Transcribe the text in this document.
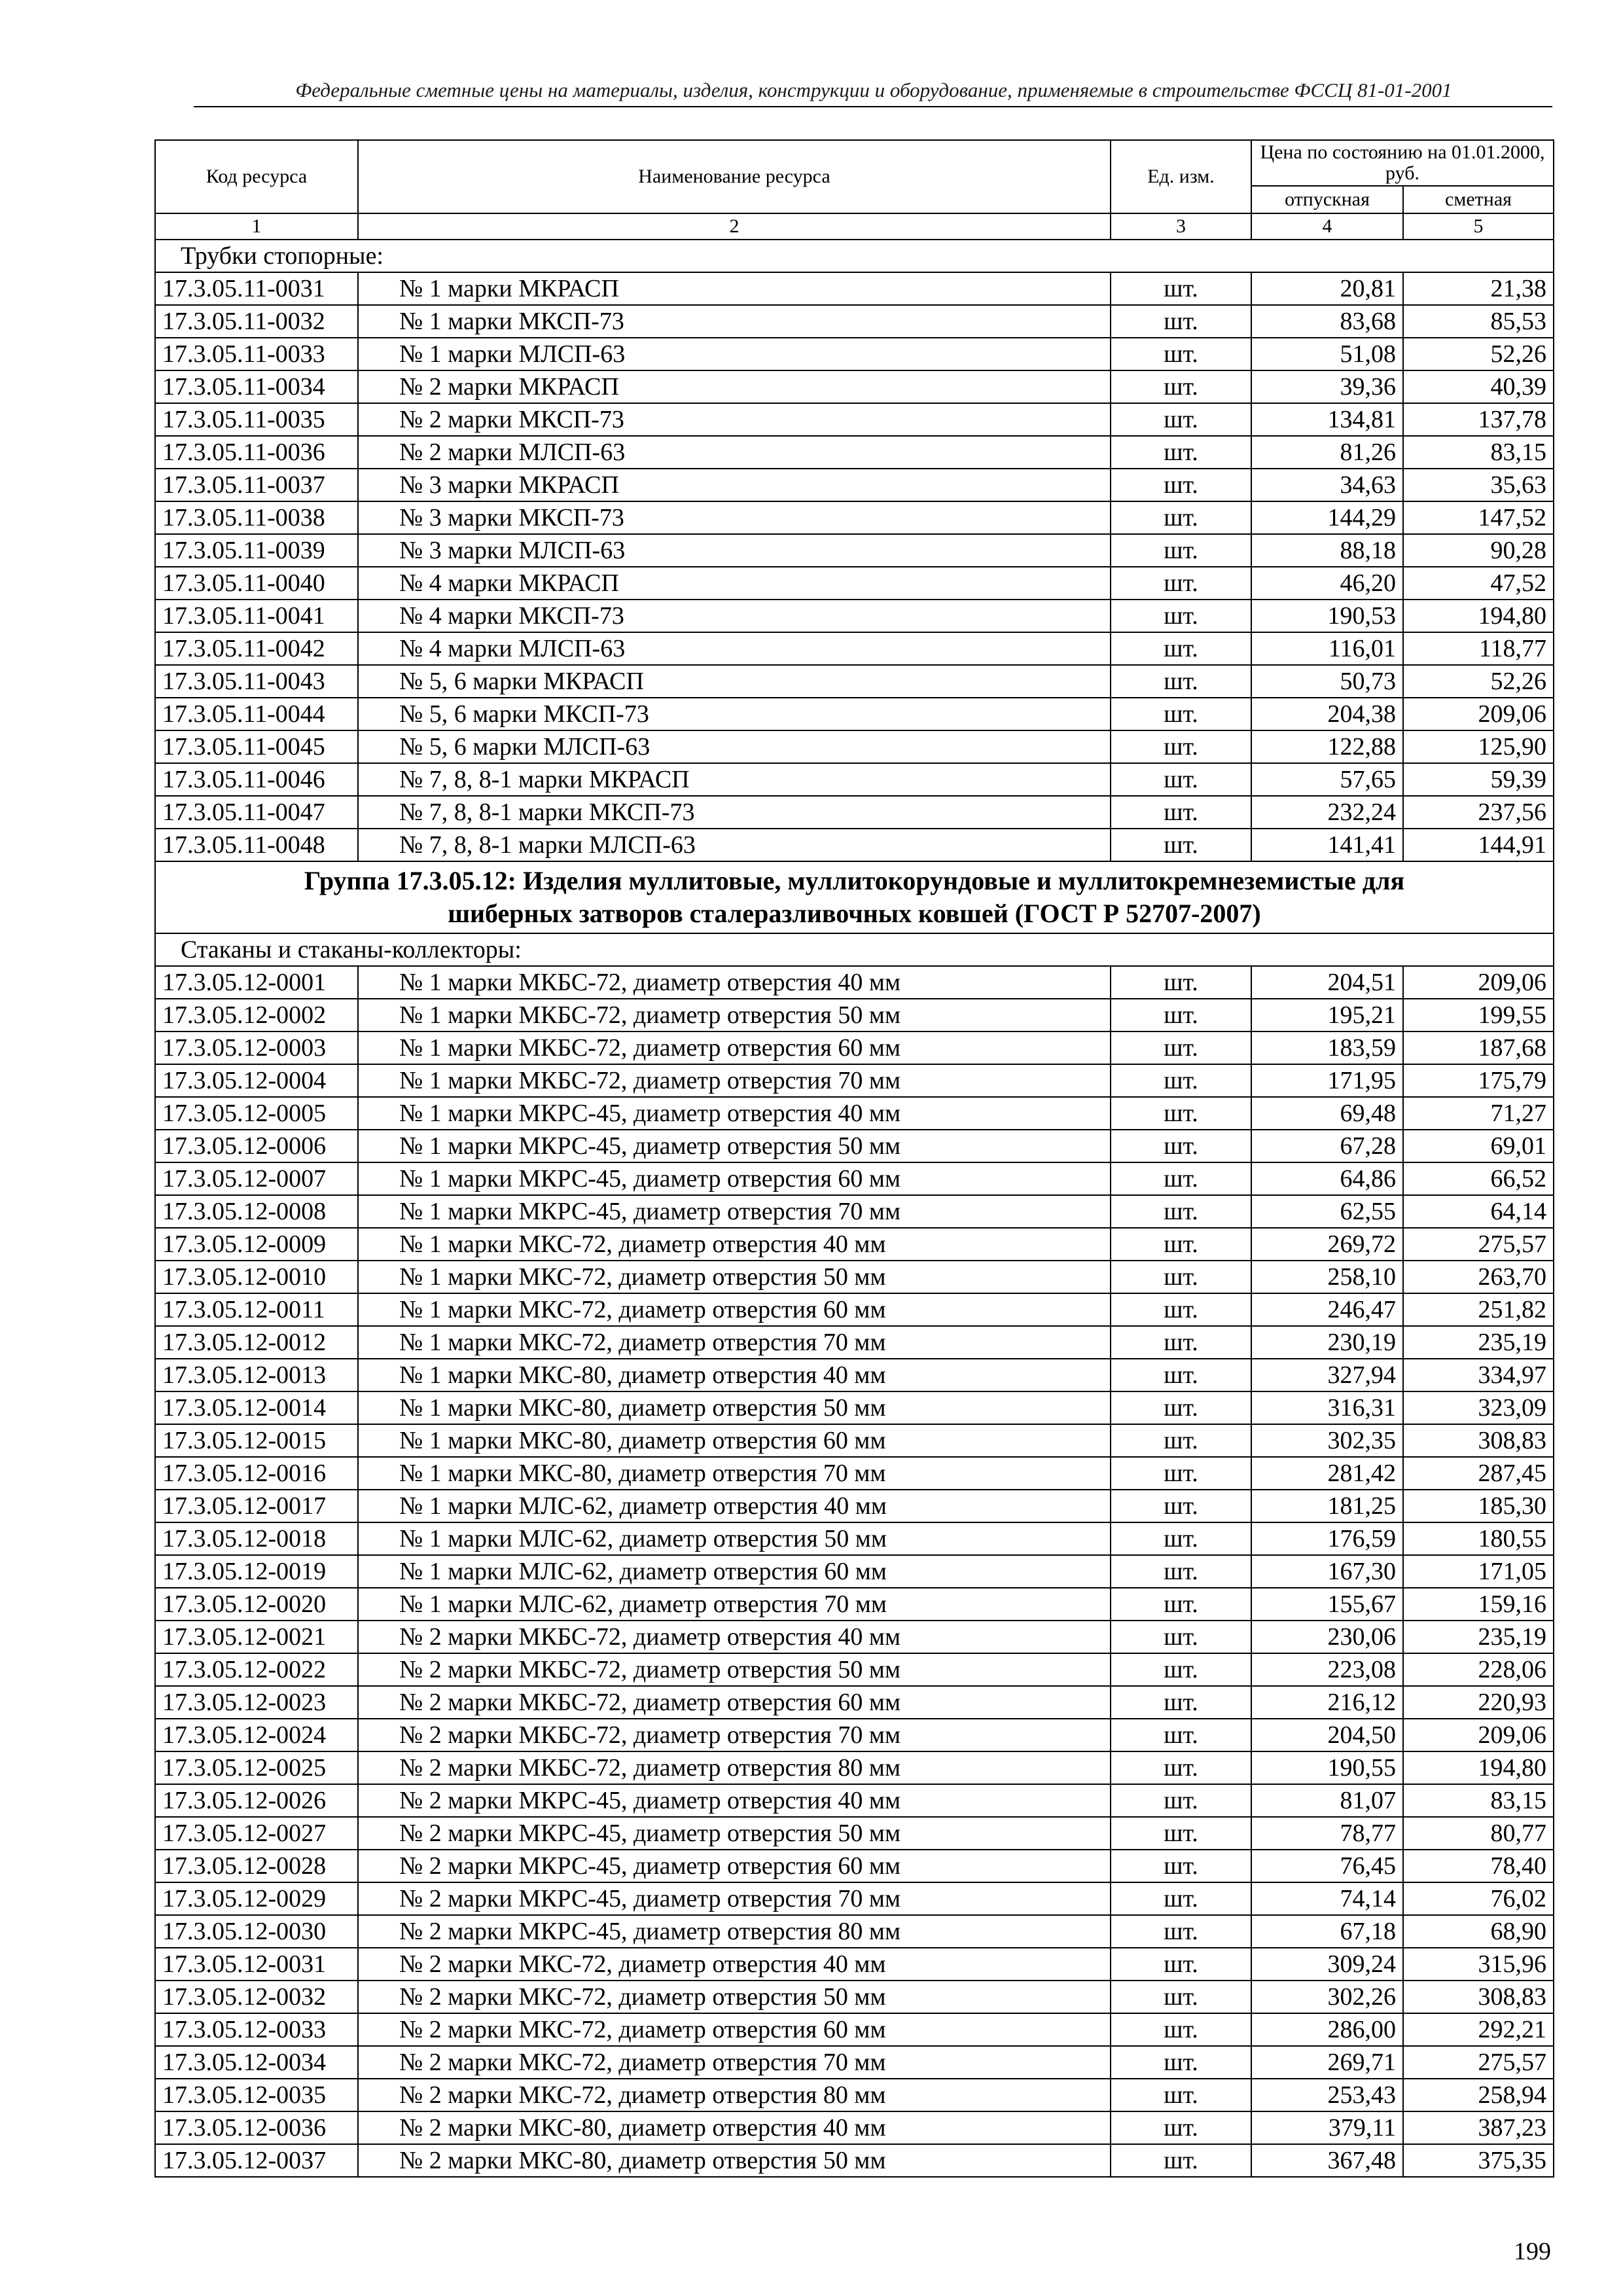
Федеральные сметные цены на материалы, изделия, конструкции и оборудование, применяемые в строительстве ФССЦ 81-01-2001
Код ресурса	Наименование ресурса	Ед. изм.	Цена по состоянию на 01.01.2000, руб.	
			отпускная	сметная
1	2	3	4	5
Трубки стопорные:				
17.3.05.11-0031	№ 1 марки МКРАСП	шт.	20,81	21,38
17.3.05.11-0032	№ 1 марки МКСП-73	шт.	83,68	85,53
17.3.05.11-0033	№ 1 марки МЛСП-63	шт.	51,08	52,26
17.3.05.11-0034	№ 2 марки МКРАСП	шт.	39,36	40,39
17.3.05.11-0035	№ 2 марки МКСП-73	шт.	134,81	137,78
17.3.05.11-0036	№ 2 марки МЛСП-63	шт.	81,26	83,15
17.3.05.11-0037	№ 3 марки МКРАСП	шт.	34,63	35,63
17.3.05.11-0038	№ 3 марки МКСП-73	шт.	144,29	147,52
17.3.05.11-0039	№ 3 марки МЛСП-63	шт.	88,18	90,28
17.3.05.11-0040	№ 4 марки МКРАСП	шт.	46,20	47,52
17.3.05.11-0041	№ 4 марки МКСП-73	шт.	190,53	194,80
17.3.05.11-0042	№ 4 марки МЛСП-63	шт.	116,01	118,77
17.3.05.11-0043	№ 5, 6 марки МКРАСП	шт.	50,73	52,26
17.3.05.11-0044	№ 5, 6 марки МКСП-73	шт.	204,38	209,06
17.3.05.11-0045	№ 5, 6 марки МЛСП-63	шт.	122,88	125,90
17.3.05.11-0046	№ 7, 8, 8-1 марки МКРАСП	шт.	57,65	59,39
17.3.05.11-0047	№ 7, 8, 8-1 марки МКСП-73	шт.	232,24	237,56
17.3.05.11-0048	№ 7, 8, 8-1 марки МЛСП-63	шт.	141,41	144,91

Группа 17.3.05.12: Изделия муллитовые, муллитокорундовые и муллитокремнеземистые для
шиберных затворов сталеразливочных ковшей (ГОСТ Р 52707-2007)				

Стаканы и стаканы-коллекторы:				
17.3.05.12-0001	№ 1 марки МКБС-72, диаметр отверстия 40 мм	шт.	204,51	209,06
17.3.05.12-0002	№ 1 марки МКБС-72, диаметр отверстия 50 мм	шт.	195,21	199,55
17.3.05.12-0003	№ 1 марки МКБС-72, диаметр отверстия 60 мм	шт.	183,59	187,68
17.3.05.12-0004	№ 1 марки МКБС-72, диаметр отверстия 70 мм	шт.	171,95	175,79
17.3.05.12-0005	№ 1 марки МКРС-45, диаметр отверстия 40 мм	шт.	69,48	71,27
17.3.05.12-0006	№ 1 марки МКРС-45, диаметр отверстия 50 мм	шт.	67,28	69,01
17.3.05.12-0007	№ 1 марки МКРС-45, диаметр отверстия 60 мм	шт.	64,86	66,52
17.3.05.12-0008	№ 1 марки МКРС-45, диаметр отверстия 70 мм	шт.	62,55	64,14
17.3.05.12-0009	№ 1 марки МКС-72, диаметр отверстия 40 мм	шт.	269,72	275,57
17.3.05.12-0010	№ 1 марки МКС-72, диаметр отверстия 50 мм	шт.	258,10	263,70
17.3.05.12-0011	№ 1 марки МКС-72, диаметр отверстия 60 мм	шт.	246,47	251,82
17.3.05.12-0012	№ 1 марки МКС-72, диаметр отверстия 70 мм	шт.	230,19	235,19
17.3.05.12-0013	№ 1 марки МКС-80, диаметр отверстия 40 мм	шт.	327,94	334,97
17.3.05.12-0014	№ 1 марки МКС-80, диаметр отверстия 50 мм	шт.	316,31	323,09
17.3.05.12-0015	№ 1 марки МКС-80, диаметр отверстия 60 мм	шт.	302,35	308,83
17.3.05.12-0016	№ 1 марки МКС-80, диаметр отверстия 70 мм	шт.	281,42	287,45
17.3.05.12-0017	№ 1 марки МЛС-62, диаметр отверстия 40 мм	шт.	181,25	185,30
17.3.05.12-0018	№ 1 марки МЛС-62, диаметр отверстия 50 мм	шт.	176,59	180,55
17.3.05.12-0019	№ 1 марки МЛС-62, диаметр отверстия 60 мм	шт.	167,30	171,05
17.3.05.12-0020	№ 1 марки МЛС-62, диаметр отверстия 70 мм	шт.	155,67	159,16
17.3.05.12-0021	№ 2 марки МКБС-72, диаметр отверстия 40 мм	шт.	230,06	235,19
17.3.05.12-0022	№ 2 марки МКБС-72, диаметр отверстия 50 мм	шт.	223,08	228,06
17.3.05.12-0023	№ 2 марки МКБС-72, диаметр отверстия 60 мм	шт.	216,12	220,93
17.3.05.12-0024	№ 2 марки МКБС-72, диаметр отверстия 70 мм	шт.	204,50	209,06
17.3.05.12-0025	№ 2 марки МКБС-72, диаметр отверстия 80 мм	шт.	190,55	194,80
17.3.05.12-0026	№ 2 марки МКРС-45, диаметр отверстия 40 мм	шт.	81,07	83,15
17.3.05.12-0027	№ 2 марки МКРС-45, диаметр отверстия 50 мм	шт.	78,77	80,77
17.3.05.12-0028	№ 2 марки МКРС-45, диаметр отверстия 60 мм	шт.	76,45	78,40
17.3.05.12-0029	№ 2 марки МКРС-45, диаметр отверстия 70 мм	шт.	74,14	76,02
17.3.05.12-0030	№ 2 марки МКРС-45, диаметр отверстия 80 мм	шт.	67,18	68,90
17.3.05.12-0031	№ 2 марки МКС-72, диаметр отверстия 40 мм	шт.	309,24	315,96
17.3.05.12-0032	№ 2 марки МКС-72, диаметр отверстия 50 мм	шт.	302,26	308,83
17.3.05.12-0033	№ 2 марки МКС-72, диаметр отверстия 60 мм	шт.	286,00	292,21
17.3.05.12-0034	№ 2 марки МКС-72, диаметр отверстия 70 мм	шт.	269,71	275,57
17.3.05.12-0035	№ 2 марки МКС-72, диаметр отверстия 80 мм	шт.	253,43	258,94
17.3.05.12-0036	№ 2 марки МКС-80, диаметр отверстия 40 мм	шт.	379,11	387,23
17.3.05.12-0037	№ 2 марки МКС-80, диаметр отверстия 50 мм	шт.	367,48	375,35
199
